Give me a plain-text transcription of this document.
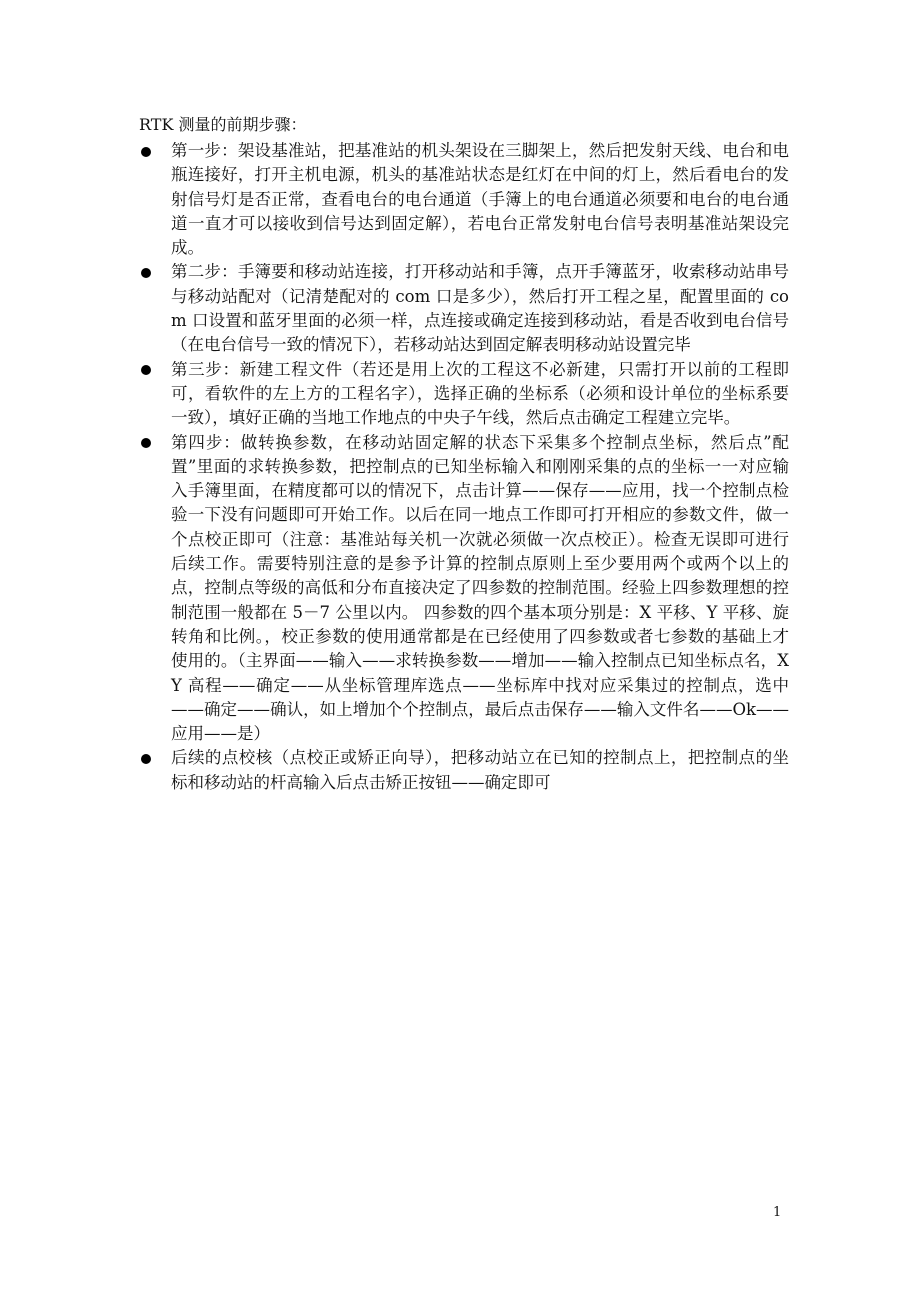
RTK 测量的前期步骤：
第一步：架设基准站，把基准站的机头架设在三脚架上，然后把发射天线、电台和电瓶连接好，打开主机电源，机头的基准站状态是红灯在中间的灯上，然后看电台的发射信号灯是否正常，查看电台的电台通道（手簿上的电台通道必须要和电台的电台通道一直才可以接收到信号达到固定解），若电台正常发射电台信号表明基准站架设完成。
第二步：手簿要和移动站连接，打开移动站和手簿，点开手簿蓝牙，收索移动站串号与移动站配对（记清楚配对的 com 口是多少），然后打开工程之星，配置里面的 com 口设置和蓝牙里面的必须一样，点连接或确定连接到移动站，看是否收到电台信号（在电台信号一致的情况下），若移动站达到固定解表明移动站设置完毕
第三步：新建工程文件（若还是用上次的工程这不必新建，只需打开以前的工程即可，看软件的左上方的工程名字），选择正确的坐标系（必须和设计单位的坐标系要一致），填好正确的当地工作地点的中央子午线，然后点击确定工程建立完毕。
第四步：做转换参数，在移动站固定解的状态下采集多个控制点坐标，然后点”配置”里面的求转换参数，把控制点的已知坐标输入和刚刚采集的点的坐标一一对应输入手簿里面，在精度都可以的情况下，点击计算——保存——应用，找一个控制点检验一下没有问题即可开始工作。以后在同一地点工作即可打开相应的参数文件，做一个点校正即可（注意：基准站每关机一次就必须做一次点校正）。检查无误即可进行后续工作。需要特别注意的是参予计算的控制点原则上至少要用两个或两个以上的点，控制点等级的高低和分布直接决定了四参数的控制范围。经验上四参数理想的控制范围一般都在 5－7 公里以内。 四参数的四个基本项分别是：X 平移、Y 平移、旋转角和比例。，校正参数的使用通常都是在已经使用了四参数或者七参数的基础上才使用的。（主界面——输入——求转换参数——增加——输入控制点已知坐标点名，XY 高程——确定——从坐标管理库选点——坐标库中找对应采集过的控制点，选中——确定——确认，如上增加个个控制点，最后点击保存——输入文件名——Ok——应用——是）
后续的点校核（点校正或矫正向导），把移动站立在已知的控制点上，把控制点的坐标和移动站的杆高输入后点击矫正按钮——确定即可
1
